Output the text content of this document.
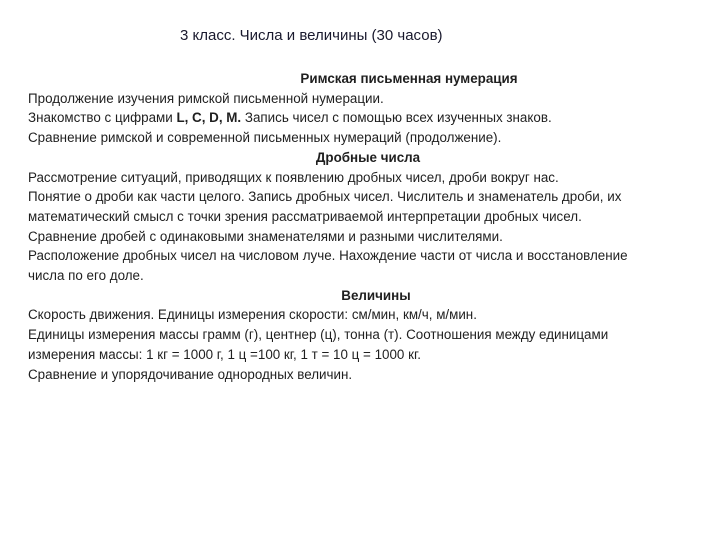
3 класс. Числа и величины (30 часов)
Римская письменная нумерация
Продолжение изучения римской письменной нумерации.
Знакомство с цифрами L, C, D, M. Запись чисел с помощью всех изученных знаков.
Сравнение римской и современной письменных нумераций (продолжение).
Дробные числа
Рассмотрение ситуаций, приводящих к появлению дробных чисел, дроби вокруг нас.
Понятие о дроби как части целого. Запись дробных чисел. Числитель и знаменатель дроби, их
математический смысл с точки зрения рассматриваемой интерпретации дробных чисел.
Сравнение дробей с одинаковыми знаменателями и разными числителями.
Расположение дробных чисел на числовом луче. Нахождение части от числа и восстановление
числа по его доле.
Величины
Скорость движения. Единицы измерения скорости: см/мин, км/ч, м/мин.
Единицы измерения массы грамм (г), центнер (ц), тонна (т). Соотношения между единицами
измерения массы: 1 кг = 1000 г, 1 ц =100 кг, 1 т = 10 ц = 1000 кг.
Сравнение и упорядочивание однородных величин.
